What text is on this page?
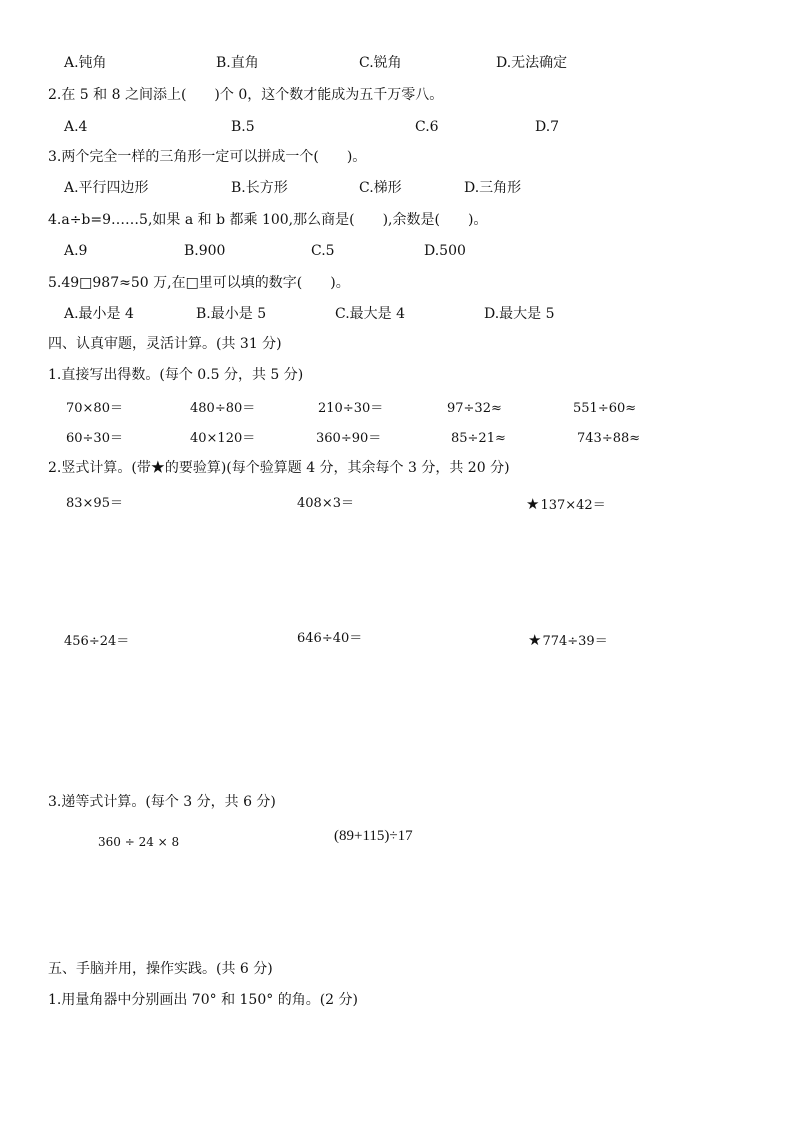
A.钝角	B.直角	C.锐角	D.无法确定
2.在 5 和 8 之间添上(　　)个 0，这个数才能成为五千万零八。
A.4	B.5	C.6	D.7
3.两个完全一样的三角形一定可以拼成一个(　　)。
A.平行四边形	B.长方形	C.梯形	D.三角形
4.a÷b=9……5,如果 a 和 b 都乘 100,那么商是(　　),余数是(　　)。
A.9	B.900	C.5	D.500
5.49□987≈50 万,在□里可以填的数字(　　)。
A.最小是 4	B.最小是 5	C.最大是 4	D.最大是 5
四、认真审题，灵活计算。(共 31 分)
1.直接写出得数。(每个 0.5 分，共 5 分)
70×80＝	480÷80＝	210÷30＝	97÷32≈	551÷60≈
60÷30＝	40×120＝	360÷90＝	85÷21≈	743÷88≈
2.竖式计算。(带★的要验算)(每个验算题 4 分，其余每个 3 分，共 20 分)
83×95＝	408×3＝	★137×42＝
456÷24＝	646÷40＝	★774÷39＝
3.递等式计算。(每个 3 分，共 6 分)
360 ÷ 24 × 8	(89+115)÷17
五、手脑并用，操作实践。(共 6 分)
1.用量角器中分别画出 70° 和 150° 的角。(2 分)
